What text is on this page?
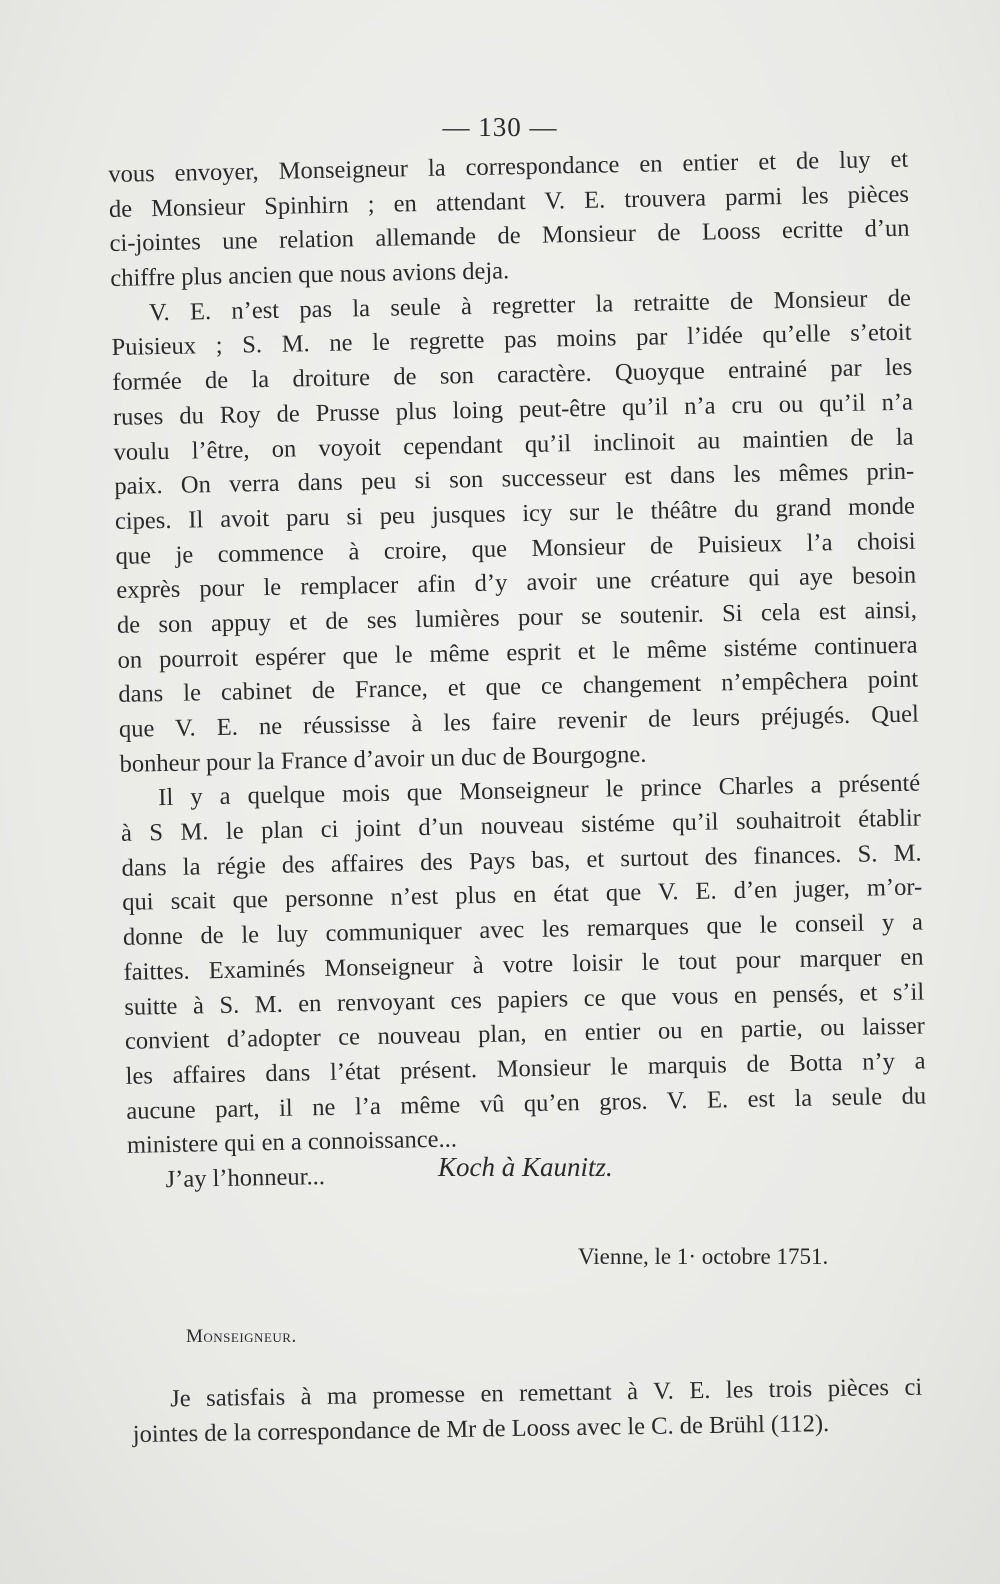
— 130 —
vous envoyer, Monseigneur la correspondance en entier et de luy et
de Monsieur Spinhirn ; en attendant V. E. trouvera parmi les pièces
ci-jointes une relation allemande de Monsieur de Looss ecritte d’un
chiffre plus ancien que nous avions deja.
V. E. n’est pas la seule à regretter la retraitte de Monsieur de
Puisieux ; S. M. ne le regrette pas moins par l’idée qu’elle s’etoit
formée de la droiture de son caractère. Quoyque entrainé par les
ruses du Roy de Prusse plus loing peut-être qu’il n’a cru ou qu’il n’a
voulu l’être, on voyoit cependant qu’il inclinoit au maintien de la
paix. On verra dans peu si son successeur est dans les mêmes prin-
cipes. Il avoit paru si peu jusques icy sur le théâtre du grand monde
que je commence à croire, que Monsieur de Puisieux l’a choisi
exprès pour le remplacer afin d’y avoir une créature qui aye besoin
de son appuy et de ses lumières pour se soutenir. Si cela est ainsi,
on pourroit espérer que le même esprit et le même sistéme continuera
dans le cabinet de France, et que ce changement n’empêchera point
que V. E. ne réussisse à les faire revenir de leurs préjugés. Quel
bonheur pour la France d’avoir un duc de Bourgogne.
Il y a quelque mois que Monseigneur le prince Charles a présenté
à S M. le plan ci joint d’un nouveau sistéme qu’il souhaitroit établir
dans la régie des affaires des Pays bas, et surtout des finances. S. M.
qui scait que personne n’est plus en état que V. E. d’en juger, m’or-
donne de le luy communiquer avec les remarques que le conseil y a
faittes. Examinés Monseigneur à votre loisir le tout pour marquer en
suitte à S. M. en renvoyant ces papiers ce que vous en pensés, et s’il
convient d’adopter ce nouveau plan, en entier ou en partie, ou laisser
les affaires dans l’état présent. Monsieur le marquis de Botta n’y a
aucune part, il ne l’a même vû qu’en gros. V. E. est la seule du
ministere qui en a connoissance...
J’ay l’honneur...	Koch à Kaunitz.
Vienne, le 1· octobre 1751.
Monseigneur.
Je satisfais à ma promesse en remettant à V. E. les trois pièces ci
jointes de la correspondance de Mr de Looss avec le C. de Brühl (112).
